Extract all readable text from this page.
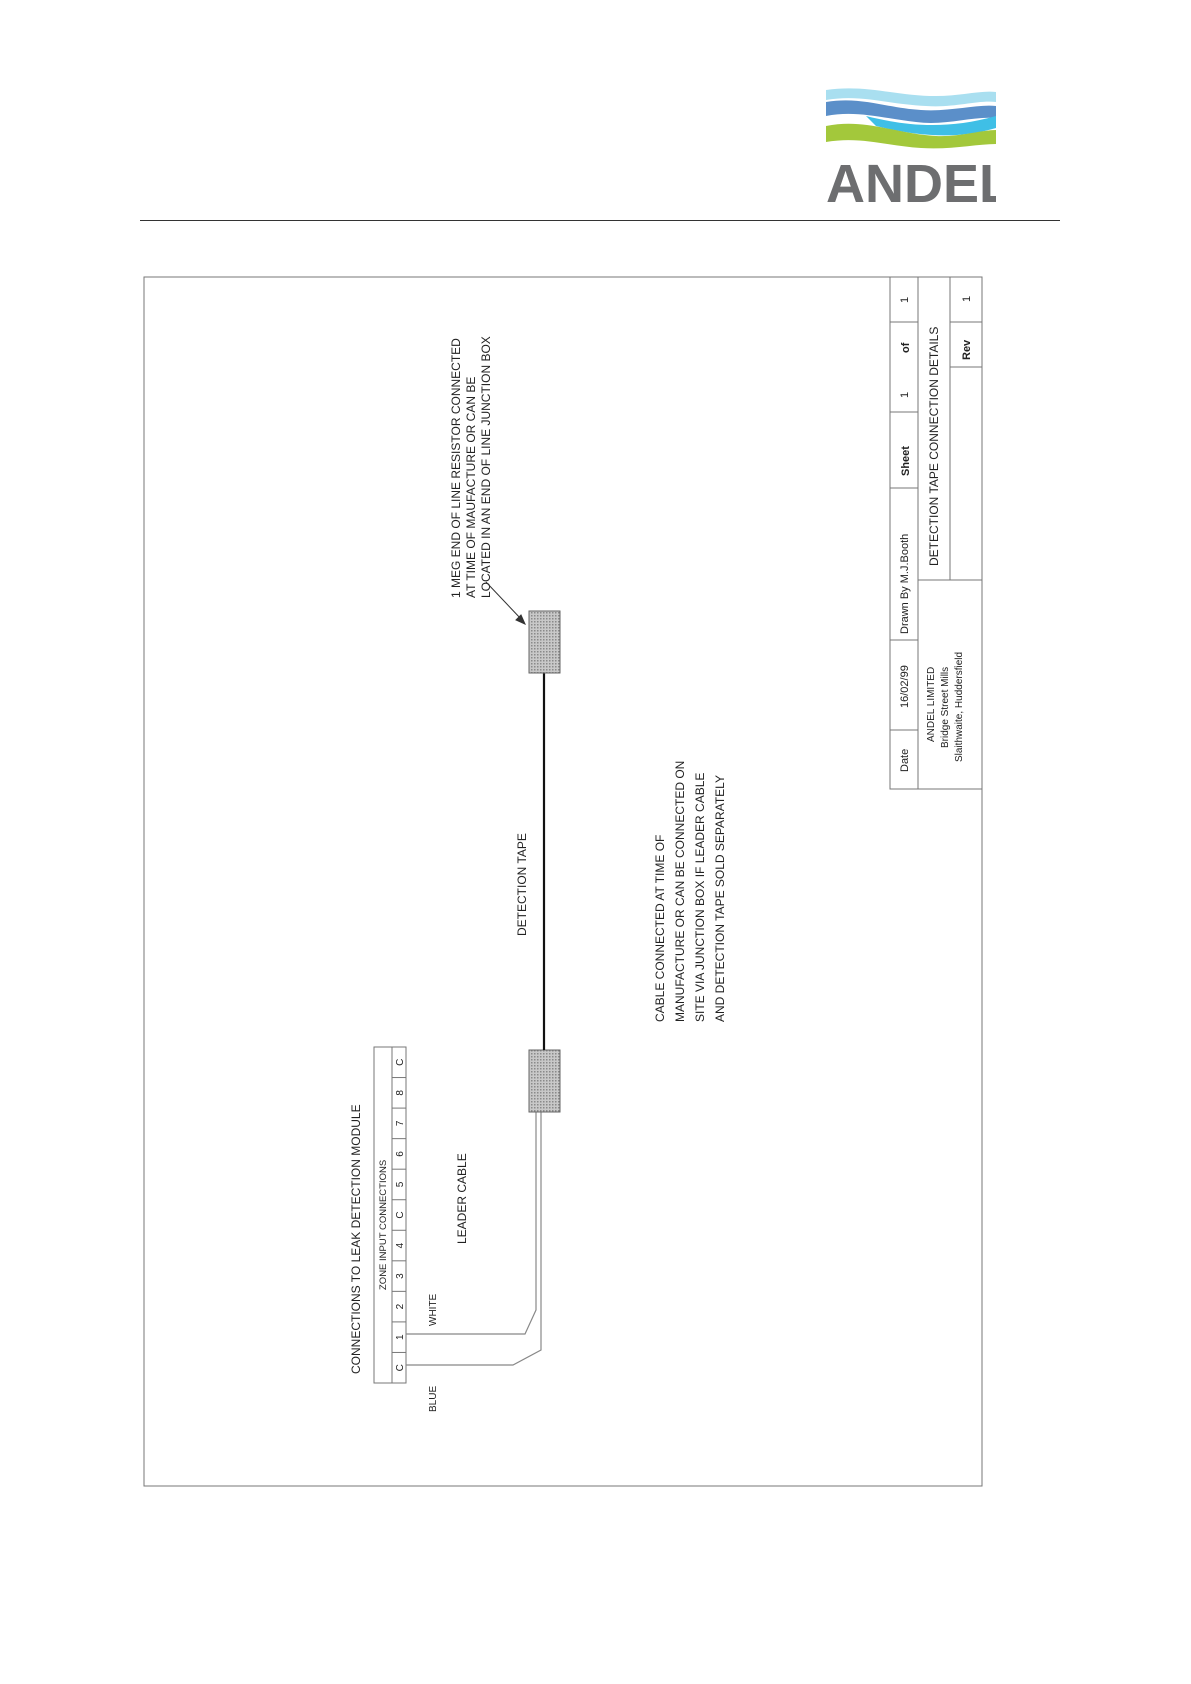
ANDEL
Date
16/02/99
Drawn By M.J.Booth
Sheet
1
of
1
ANDEL LIMITED Bridge Street Mills Slaithwaite, Huddersfield
DETECTION TAPE CONNECTION DETAILS Rev
1
CONNECTIONS TO LEAK DETECTION MODULE ZONE INPUT CONNECTIONS
C
1
2
3
4
C
5
6
7
8
C
BLUE
WHITE
LEADER CABLE
DETECTION TAPE
1 MEG END OF LINE RESISTOR CONNECTED AT TIME OF MAUFACTURE OR CAN BE LOCATED IN AN END OF LINE JUNCTION BOX
CABLE CONNECTED AT TIME OF MANUFACTURE OR CAN BE CONNECTED ON SITE VIA JUNCTION BOX IF LEADER CABLE AND DETECTION TAPE SOLD SEPARATELY
